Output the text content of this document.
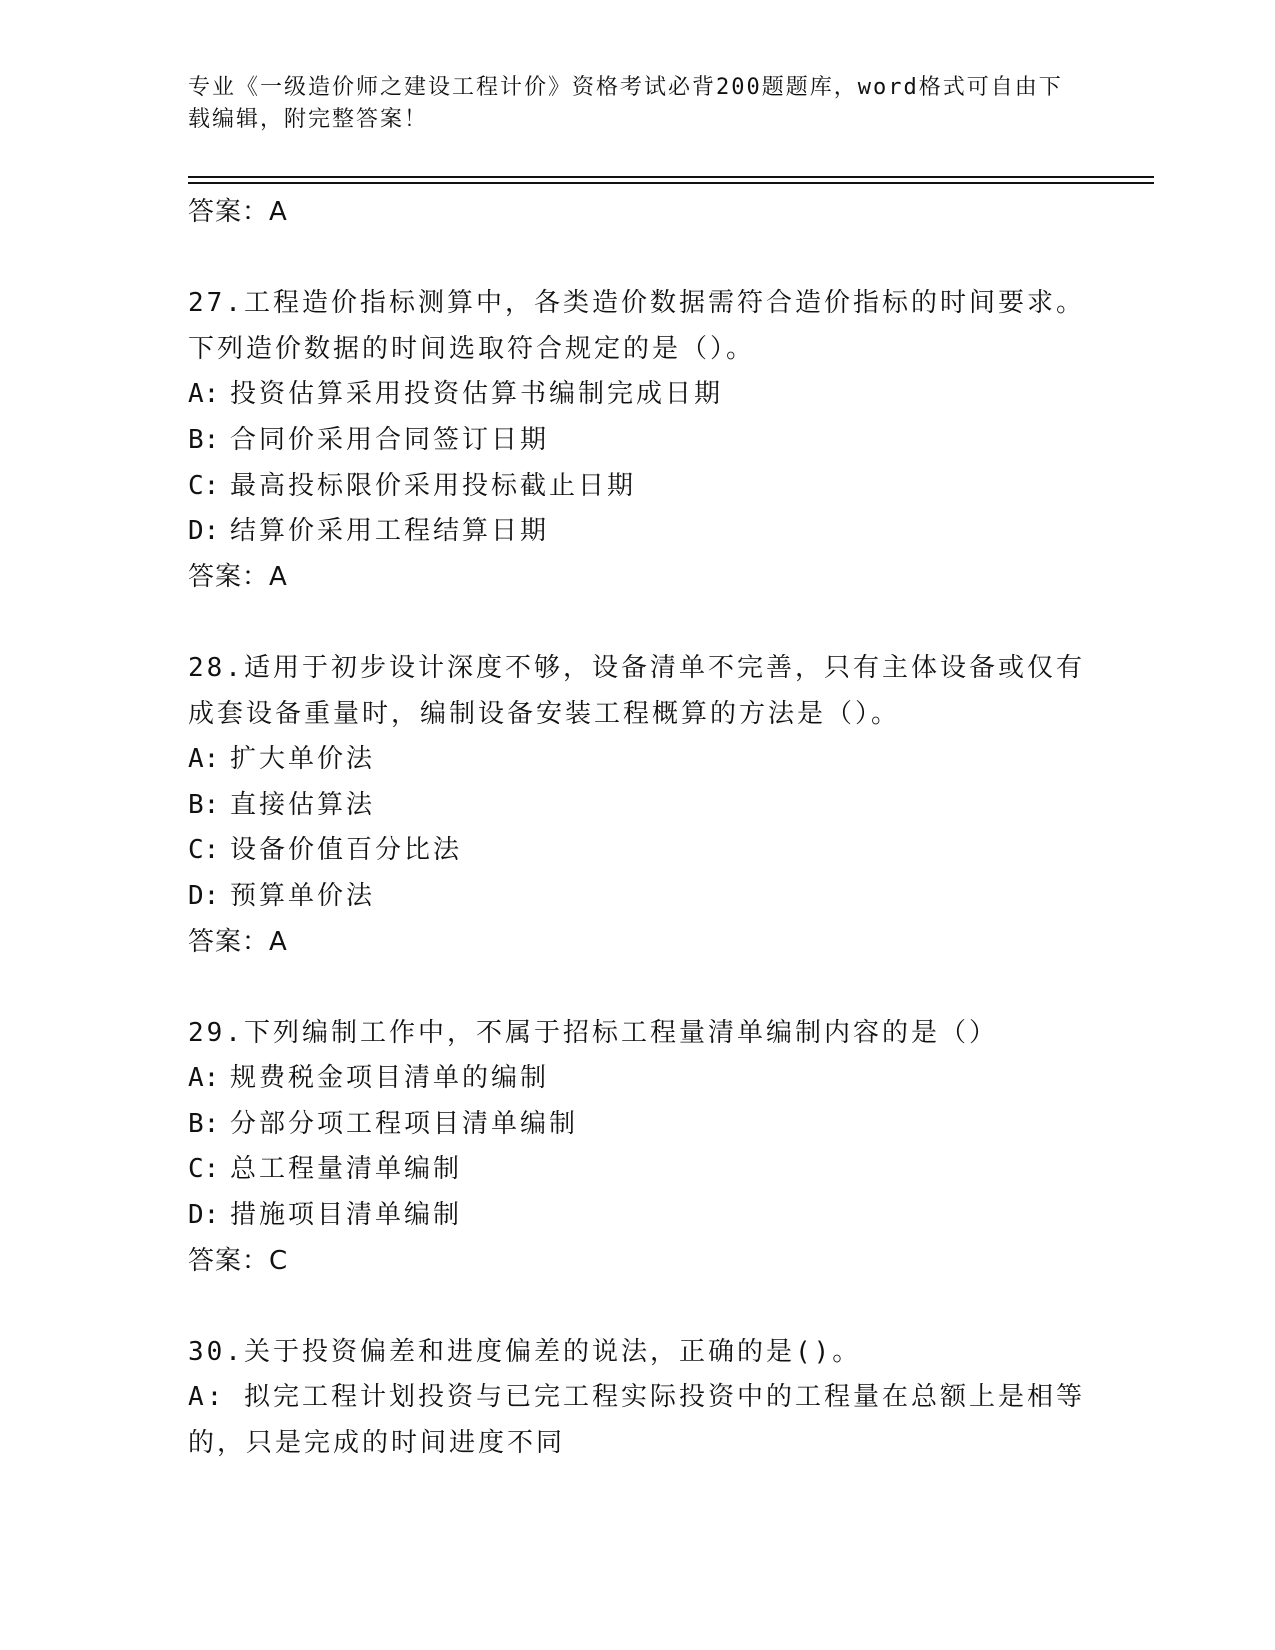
专业《一级造价师之建设工程计价》资格考试必背200题题库，word格式可自由下载编辑，附完整答案！

答案：A

27.工程造价指标测算中，各类造价数据需符合造价指标的时间要求。下列造价数据的时间选取符合规定的是（）。

A: 投资估算采用投资估算书编制完成日期

B: 合同价采用合同签订日期

C: 最高投标限价采用投标截止日期

D: 结算价采用工程结算日期

答案：A

28.适用于初步设计深度不够，设备清单不完善，只有主体设备或仅有成套设备重量时，编制设备安装工程概算的方法是（）。

A: 扩大单价法

B: 直接估算法

C: 设备价值百分比法

D: 预算单价法

答案：A

29.下列编制工作中，不属于招标工程量清单编制内容的是（）

A: 规费税金项目清单的编制

B: 分部分项工程项目清单编制

C: 总工程量清单编制

D: 措施项目清单编制

答案：C

30.关于投资偏差和进度偏差的说法，正确的是()。

A: 拟完工程计划投资与已完工程实际投资中的工程量在总额上是相等的，只是完成的时间进度不同
